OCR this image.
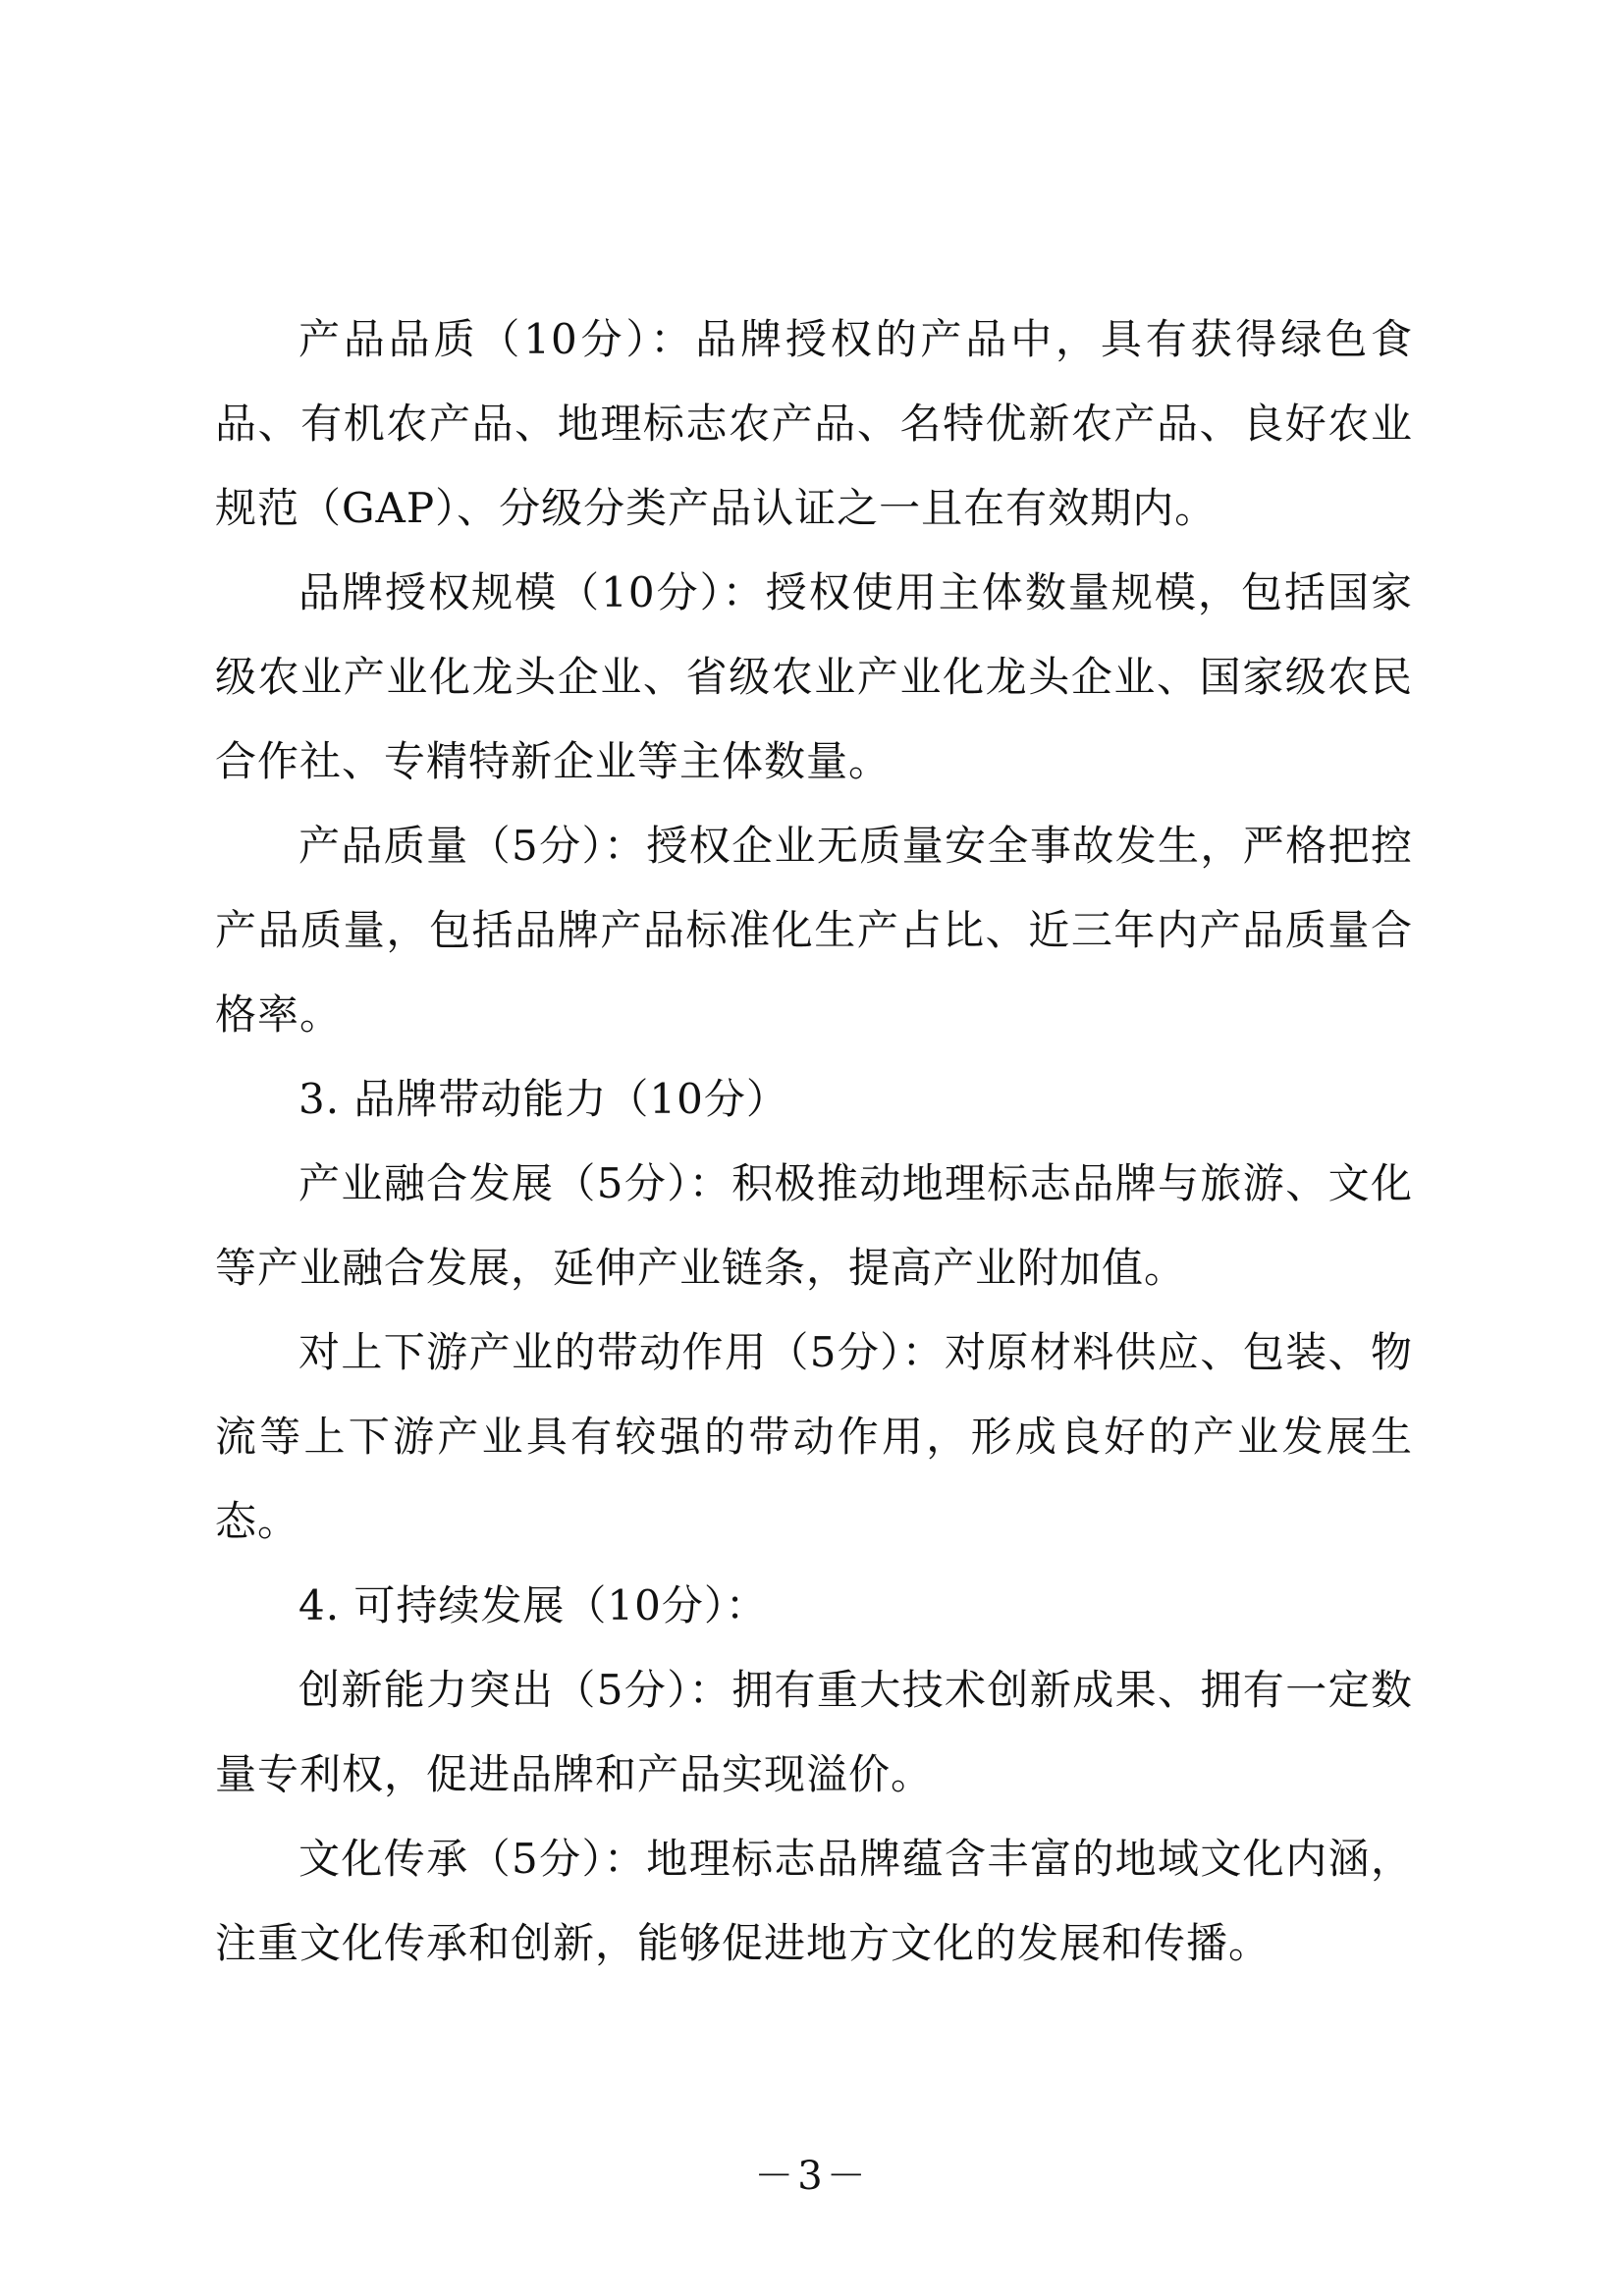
产品品质（10分）：品牌授权的产品中，具有获得绿色食品、有机农产品、地理标志农产品、名特优新农产品、良好农业规范（GAP）、分级分类产品认证之一且在有效期内。

品牌授权规模（10分）：授权使用主体数量规模，包括国家级农业产业化龙头企业、省级农业产业化龙头企业、国家级农民合作社、专精特新企业等主体数量。

产品质量（5分）：授权企业无质量安全事故发生，严格把控产品质量，包括品牌产品标准化生产占比、近三年内产品质量合格率。

3. 品牌带动能力（10分）

产业融合发展（5分）：积极推动地理标志品牌与旅游、文化等产业融合发展，延伸产业链条，提高产业附加值。

对上下游产业的带动作用（5分）：对原材料供应、包装、物流等上下游产业具有较强的带动作用，形成良好的产业发展生态。

4. 可持续发展（10分）：

创新能力突出（5分）：拥有重大技术创新成果、拥有一定数量专利权，促进品牌和产品实现溢价。

文化传承（5分）：地理标志品牌蕴含丰富的地域文化内涵，注重文化传承和创新，能够促进地方文化的发展和传播。

－3－
